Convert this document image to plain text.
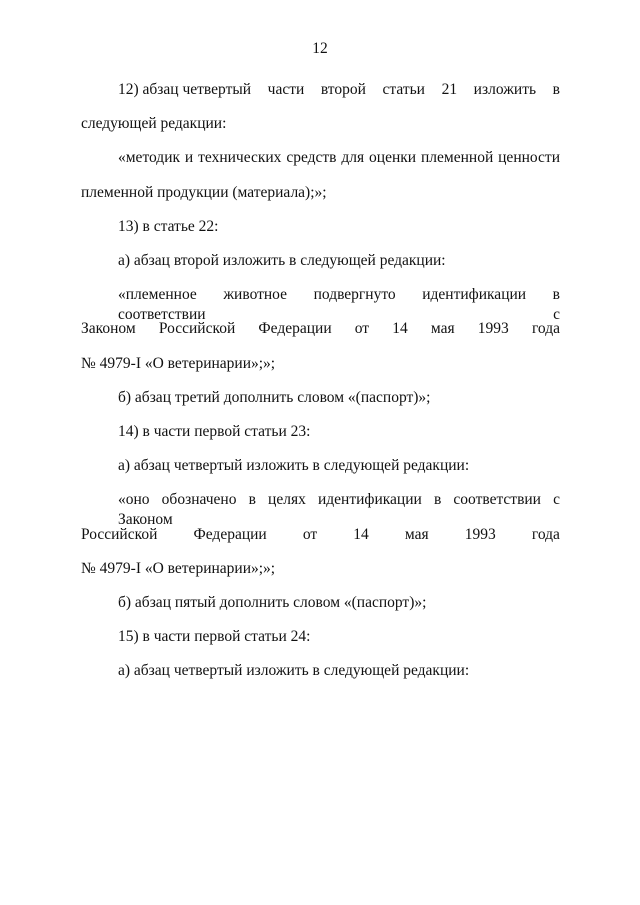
12
12) абзац четвертый части второй статьи 21 изложить в
следующей редакции:
«методик и технических средств для оценки племенной ценности
племенной продукции (материала);»;
13) в статье 22:
а) абзац второй изложить в следующей редакции:
«племенное животное подвергнуто идентификации в соответствии с
Законом Российской Федерации от 14 мая 1993 года
№ 4979-I «О ветеринарии»;»;
б) абзац третий дополнить словом «(паспорт)»;
14) в части первой статьи 23:
а) абзац четвертый изложить в следующей редакции:
«оно обозначено в целях идентификации в соответствии с Законом
Российской Федерации от 14 мая 1993 года
№ 4979-I «О ветеринарии»;»;
б) абзац пятый дополнить словом «(паспорт)»;
15) в части первой статьи 24:
а) абзац четвертый изложить в следующей редакции:
